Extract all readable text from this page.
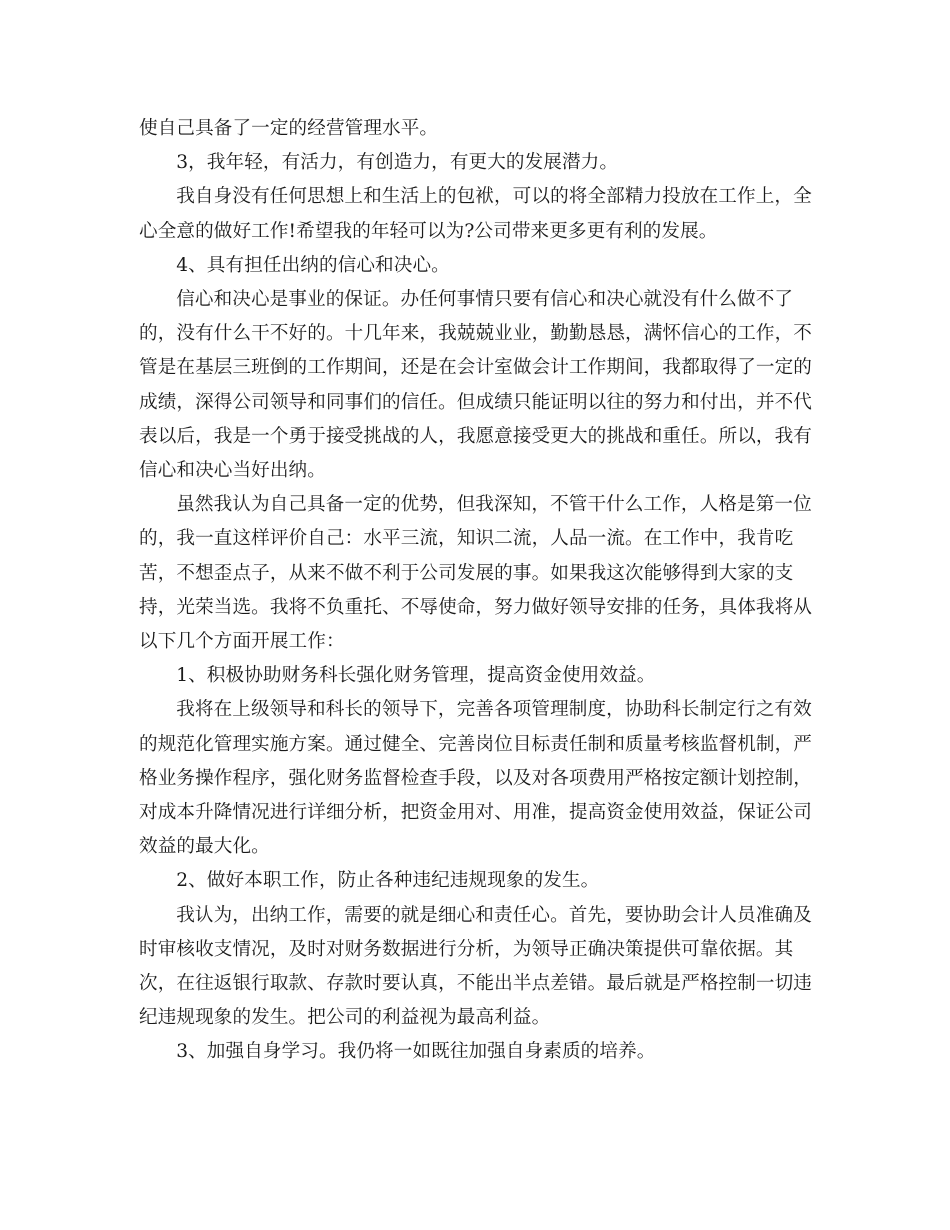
使自己具备了一定的经营管理水平。

3，我年轻，有活力，有创造力，有更大的发展潜力。

我自身没有任何思想上和生活上的包袱，可以的将全部精力投放在工作上，全心全意的做好工作!希望我的年轻可以为?公司带来更多更有利的发展。

4、具有担任出纳的信心和决心。

信心和决心是事业的保证。办任何事情只要有信心和决心就没有什么做不了的，没有什么干不好的。十几年来，我兢兢业业，勤勤恳恳，满怀信心的工作，不管是在基层三班倒的工作期间，还是在会计室做会计工作期间，我都取得了一定的成绩，深得公司领导和同事们的信任。但成绩只能证明以往的努力和付出，并不代表以后，我是一个勇于接受挑战的人，我愿意接受更大的挑战和重任。所以，我有信心和决心当好出纳。

虽然我认为自己具备一定的优势，但我深知，不管干什么工作，人格是第一位的，我一直这样评价自己：水平三流，知识二流，人品一流。在工作中，我肯吃苦，不想歪点子，从来不做不利于公司发展的事。如果我这次能够得到大家的支持，光荣当选。我将不负重托、不辱使命，努力做好领导安排的任务，具体我将从以下几个方面开展工作：

1、积极协助财务科长强化财务管理，提高资金使用效益。

我将在上级领导和科长的领导下，完善各项管理制度，协助科长制定行之有效的规范化管理实施方案。通过健全、完善岗位目标责任制和质量考核监督机制，严格业务操作程序，强化财务监督检查手段，以及对各项费用严格按定额计划控制，对成本升降情况进行详细分析，把资金用对、用准，提高资金使用效益，保证公司效益的最大化。

2、做好本职工作，防止各种违纪违规现象的发生。

我认为，出纳工作，需要的就是细心和责任心。首先，要协助会计人员准确及时审核收支情况，及时对财务数据进行分析，为领导正确决策提供可靠依据。其次，在往返银行取款、存款时要认真，不能出半点差错。最后就是严格控制一切违纪违规现象的发生。把公司的利益视为最高利益。

3、加强自身学习。我仍将一如既往加强自身素质的培养。
